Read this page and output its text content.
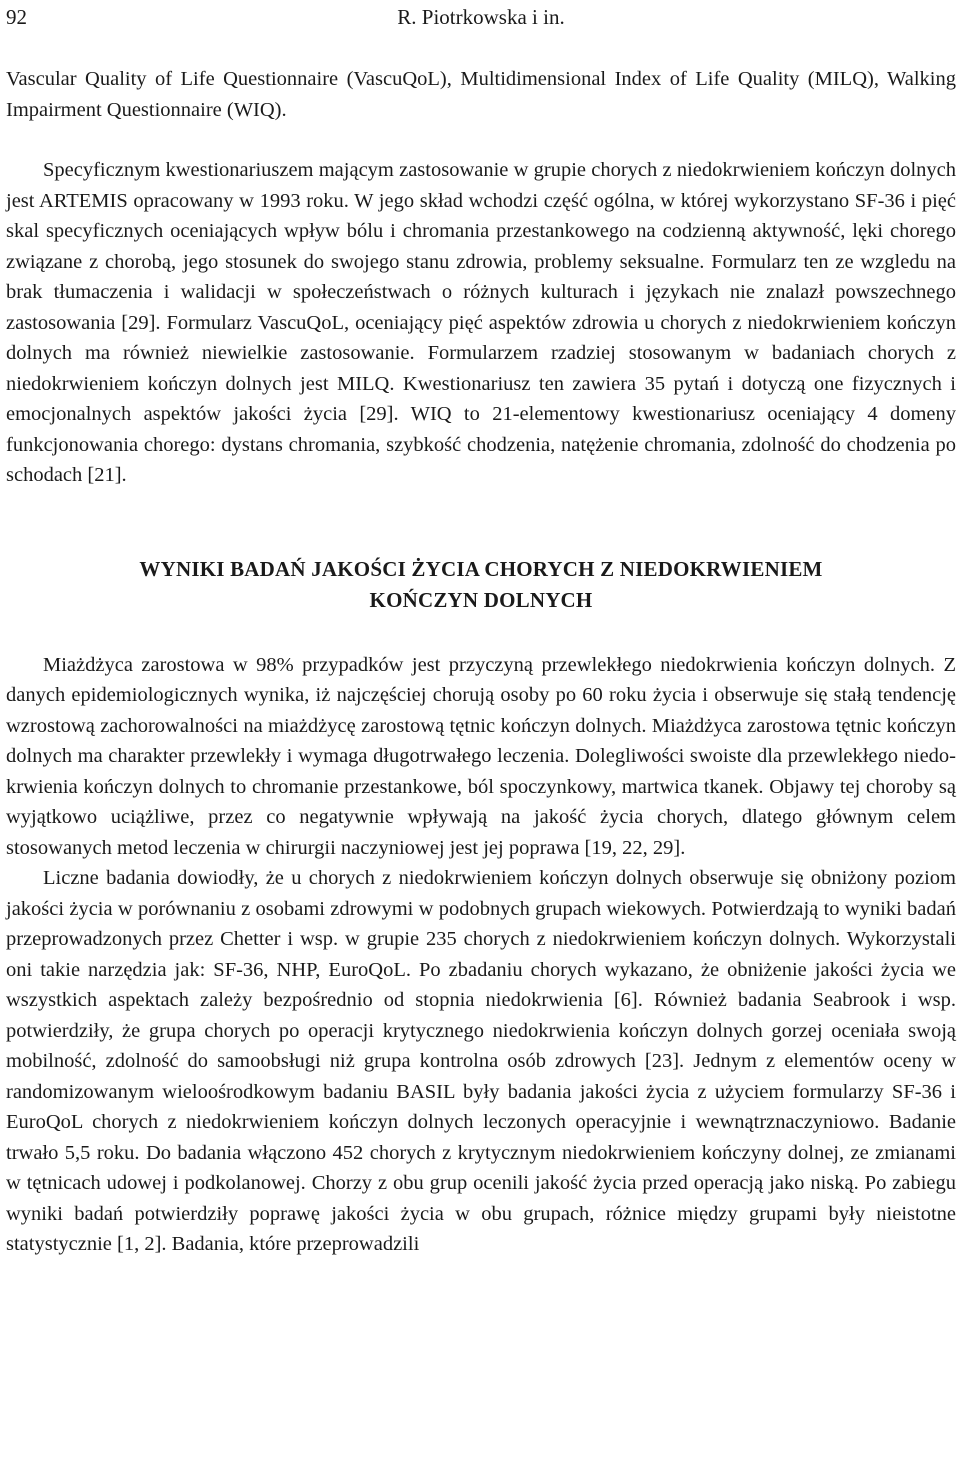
92	R. Piotrkowska i in.

Vascular Quality of Life Questionnaire (VascuQoL), Multidimensional Index of Life Quality (MILQ), Walking Impairment Questionnaire (WIQ).

Specyficznym kwestionariuszem mającym zastosowanie w grupie chorych z niedokrwieniem kończyn dolnych jest ARTEMIS opracowany w 1993 roku. W jego skład wchodzi część ogólna, w której wykorzystano SF-36 i pięć skal specyficznych oceniających wpływ bólu i chromania przestankowego na codzienną aktywność, lęki chorego związane z chorobą, jego stosunek do swojego stanu zdrowia, problemy seksualne. Formularz ten ze wzgledu na brak tłumaczenia i walidacji w społeczeństwach o różnych kulturach i językach nie znalazł powszechnego zastosowania [29]. Formularz VascuQoL, oceniający pięć aspektów zdrowia u chorych z niedokrwieniem kończyn dolnych ma również niewielkie zastosowanie. Formularzem rzadziej stosowanym w badaniach chorych z niedokrwieniem kończyn dolnych jest MILQ. Kwestionariusz ten zawiera 35 pytań i dotyczą one fizycznych i emocjonalnych aspektów jakości życia [29]. WIQ to 21-elementowy kwestionariusz oceniający 4 domeny funkcjonowania chorego: dystans chromania, szybkość chodzenia, natężenie chromania, zdolność do chodzenia po schodach [21].

WYNIKI BADAŃ JAKOŚCI ŻYCIA CHORYCH Z NIEDOKRWIENIEM
KOŃCZYN DOLNYCH

Miażdżyca zarostowa w 98% przypadków jest przyczyną przewlekłego niedokrwienia kończyn dolnych. Z danych epidemiologicznych wynika, iż najczęściej chorują osoby po 60 roku życia i obserwuje się stałą tendencję wzrostową zachorowalności na miażdżycę zarostową tętnic kończyn dolnych. Miażdżyca zarostowa tętnic kończyn dolnych ma charakter przewlekły i wymaga długotrwałego leczenia. Dolegliwości swoiste dla przewlekłego niedokrwienia kończyn dolnych to chromanie przestankowe, ból spoczynkowy, martwica tkanek. Objawy tej choroby są wyjątkowo uciążliwe, przez co negatywnie wpływają na jakość życia chorych, dlatego głównym celem stosowanych metod leczenia w chirurgii naczyniowej jest jej poprawa [19, 22, 29].

Liczne badania dowiodły, że u chorych z niedokrwieniem kończyn dolnych obserwuje się obniżony poziom jakości życia w porównaniu z osobami zdrowymi w podobnych grupach wiekowych. Potwierdzają to wyniki badań przeprowadzonych przez Chetter i wsp. w grupie 235 chorych z niedokrwieniem kończyn dolnych. Wykorzystali oni takie narzędzia jak: SF-36, NHP, EuroQoL. Po zbadaniu chorych wykazano, że obniżenie jakości życia we wszystkich aspektach zależy bezpośrednio od stopnia niedokrwienia [6]. Również badania Seabrook i wsp. potwierdziły, że grupa chorych po operacji krytycznego niedokrwienia kończyn dolnych gorzej oceniała swoją mobilność, zdolność do samoobsługi niż grupa kontrolna osób zdrowych [23]. Jednym z elementów oceny w randomizowanym wieloośrodkowym badaniu BASIL były badania jakości życia z użyciem formularzy SF-36 i EuroQoL chorych z niedokrwieniem kończyn dolnych leczonych operacyjnie i wewnątrznaczyniowo. Badanie trwało 5,5 roku. Do badania włączono 452 chorych z krytycznym niedokrwieniem kończyny dolnej, ze zmianami w tętnicach udowej i podkolanowej. Chorzy z obu grup ocenili jakość życia przed operacją jako niską. Po zabiegu wyniki badań potwierdziły poprawę jakości życia w obu grupach, różnice między grupami były nieistotne statystycznie [1, 2]. Badania, które przeprowadzili
